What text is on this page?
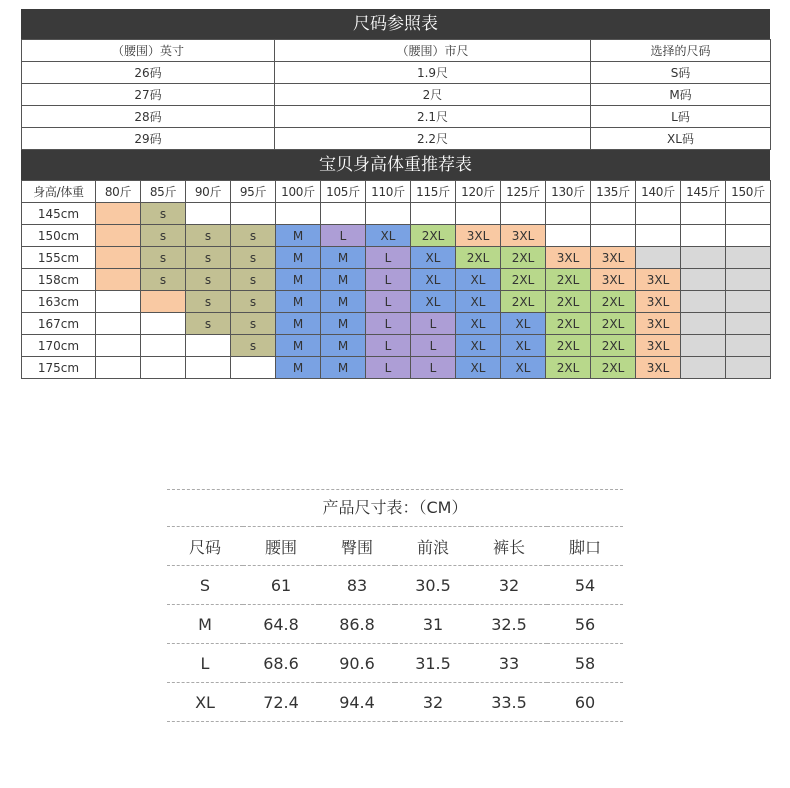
尺码参照表
（腰围）英寸	（腰围）市尺	选择的尺码
26码	1.9尺	S码
27码	2尺	M码
28码	2.1尺	L码
29码	2.2尺	XL码
宝贝身高体重推荐表
身高/体重	80斤	85斤	90斤	95斤	100斤	105斤	110斤	115斤	120斤	125斤	130斤	135斤	140斤	145斤	150斤
145cm		s													
150cm		s	s	s	M	L	XL	2XL	3XL	3XL					
155cm		s	s	s	M	M	L	XL	2XL	2XL	3XL	3XL			
158cm		s	s	s	M	M	L	XL	XL	2XL	2XL	3XL	3XL		
163cm			s	s	M	M	L	XL	XL	2XL	2XL	2XL	3XL		
167cm			s	s	M	M	L	L	XL	XL	2XL	2XL	3XL		
170cm				s	M	M	L	L	XL	XL	2XL	2XL	3XL		
175cm					M	M	L	L	XL	XL	2XL	2XL	3XL		
产品尺寸表：（CM）
尺码	腰围	臀围	前浪	裤长	脚口
S	61	83	30.5	32	54
M	64.8	86.8	31	32.5	56
L	68.6	90.6	31.5	33	58
XL	72.4	94.4	32	33.5	60
